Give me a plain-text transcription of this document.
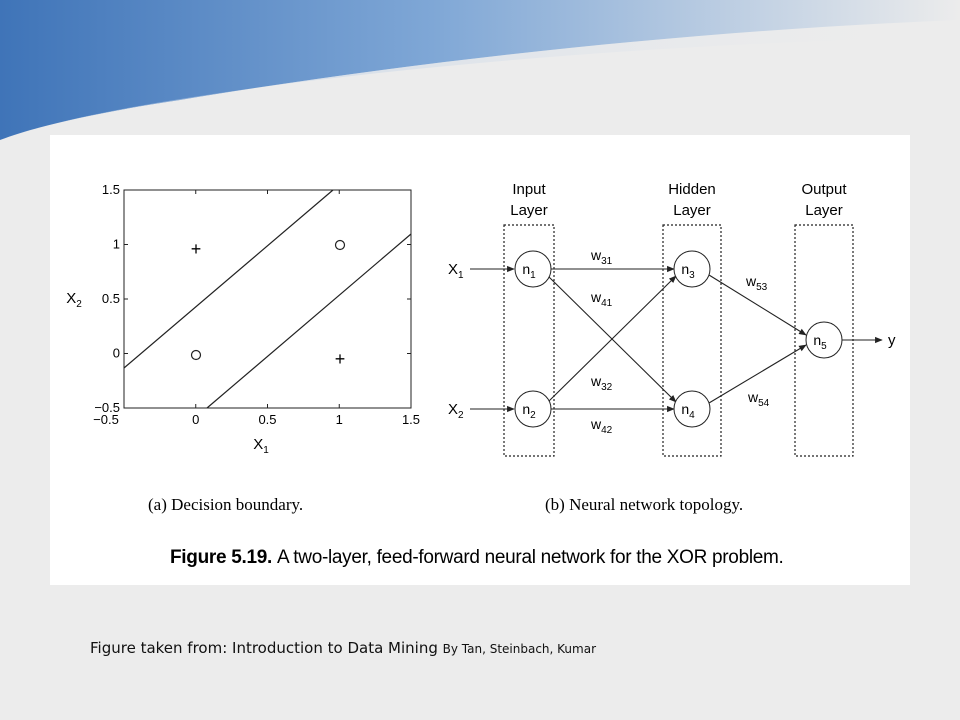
−0.5
−0.5
0
0
0.5
0.5
1
1
1.5
1.5
+
+
$X_1$
$X_2$
Input
Layer
Hidden
Layer
Output
Layer
$n_1$
$n_2$
$n_3$
$n_4$
$n_5$
$X_1$
$X_2$
y
$w_{31}$
$w_{41}$
$w_{32}$
$w_{42}$
$w_{53}$
$w_{54}$
(a) Decision boundary.	(b) Neural network topology.
Figure 5.19. A two-layer, feed-forward neural network for the XOR problem.
Figure taken from: Introduction to Data Mining By Tan, Steinbach, Kumar
